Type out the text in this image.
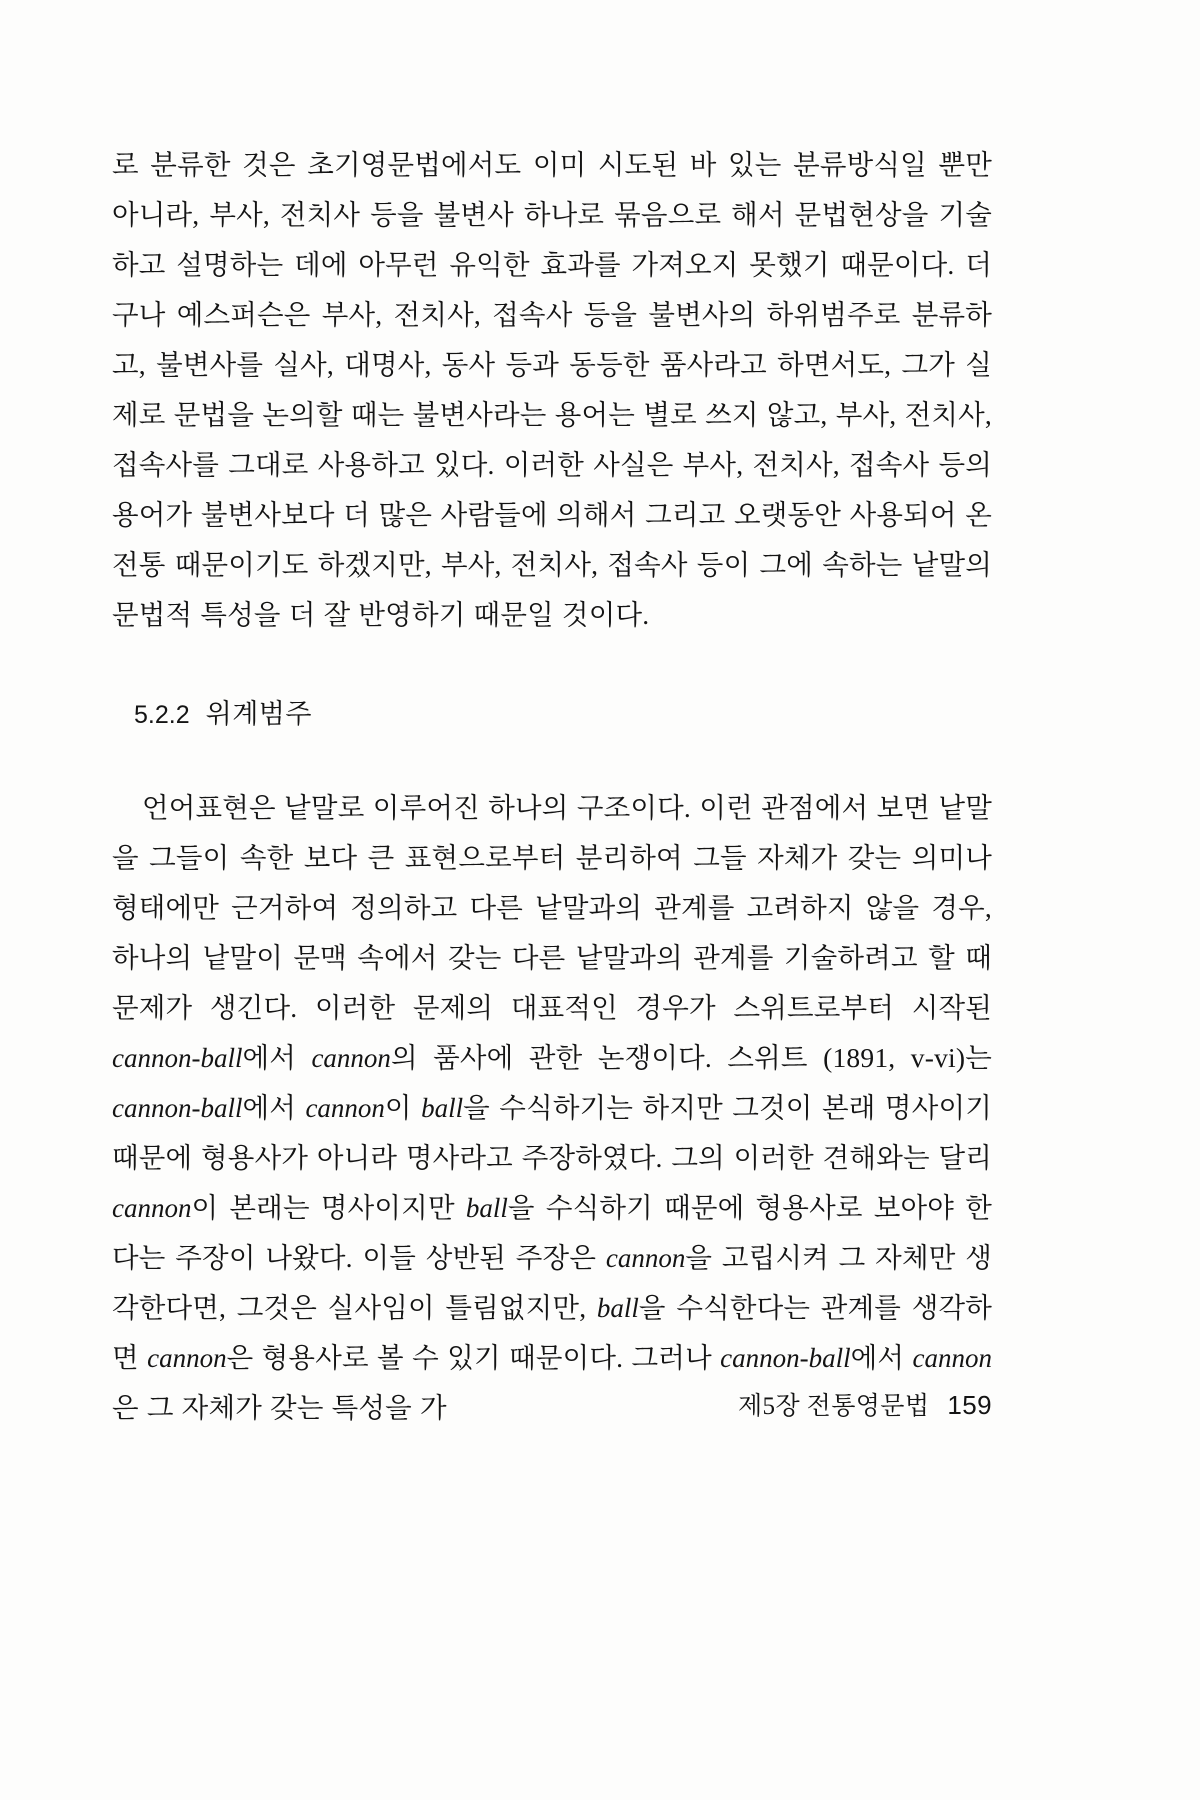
로 분류한 것은 초기영문법에서도 이미 시도된 바 있는 분류방식일 뿐만 아니라, 부사, 전치사 등을 불변사 하나로 묶음으로 해서 문법현상을 기술하고 설명하는 데에 아무런 유익한 효과를 가져오지 못했기 때문이다. 더구나 예스퍼슨은 부사, 전치사, 접속사 등을 불변사의 하위범주로 분류하고, 불변사를 실사, 대명사, 동사 등과 동등한 품사라고 하면서도, 그가 실제로 문법을 논의할 때는 불변사라는 용어는 별로 쓰지 않고, 부사, 전치사, 접속사를 그대로 사용하고 있다. 이러한 사실은 부사, 전치사, 접속사 등의 용어가 불변사보다 더 많은 사람들에 의해서 그리고 오랫동안 사용되어 온 전통 때문이기도 하겠지만, 부사, 전치사, 접속사 등이 그에 속하는 낱말의 문법적 특성을 더 잘 반영하기 때문일 것이다.

5.2.2 위계범주

언어표현은 낱말로 이루어진 하나의 구조이다. 이런 관점에서 보면 낱말을 그들이 속한 보다 큰 표현으로부터 분리하여 그들 자체가 갖는 의미나 형태에만 근거하여 정의하고 다른 낱말과의 관계를 고려하지 않을 경우, 하나의 낱말이 문맥 속에서 갖는 다른 낱말과의 관계를 기술하려고 할 때 문제가 생긴다. 이러한 문제의 대표적인 경우가 스위트로부터 시작된 cannon-ball에서 cannon의 품사에 관한 논쟁이다. 스위트 (1891, v-vi)는 cannon-ball에서 cannon이 ball을 수식하기는 하지만 그것이 본래 명사이기 때문에 형용사가 아니라 명사라고 주장하였다. 그의 이러한 견해와는 달리 cannon이 본래는 명사이지만 ball을 수식하기 때문에 형용사로 보아야 한다는 주장이 나왔다. 이들 상반된 주장은 cannon을 고립시켜 그 자체만 생각한다면, 그것은 실사임이 틀림없지만, ball을 수식한다는 관계를 생각하면 cannon은 형용사로 볼 수 있기 때문이다. 그러나 cannon-ball에서 cannon은 그 자체가 갖는 특성을 가	제5장 전통영문법 159
